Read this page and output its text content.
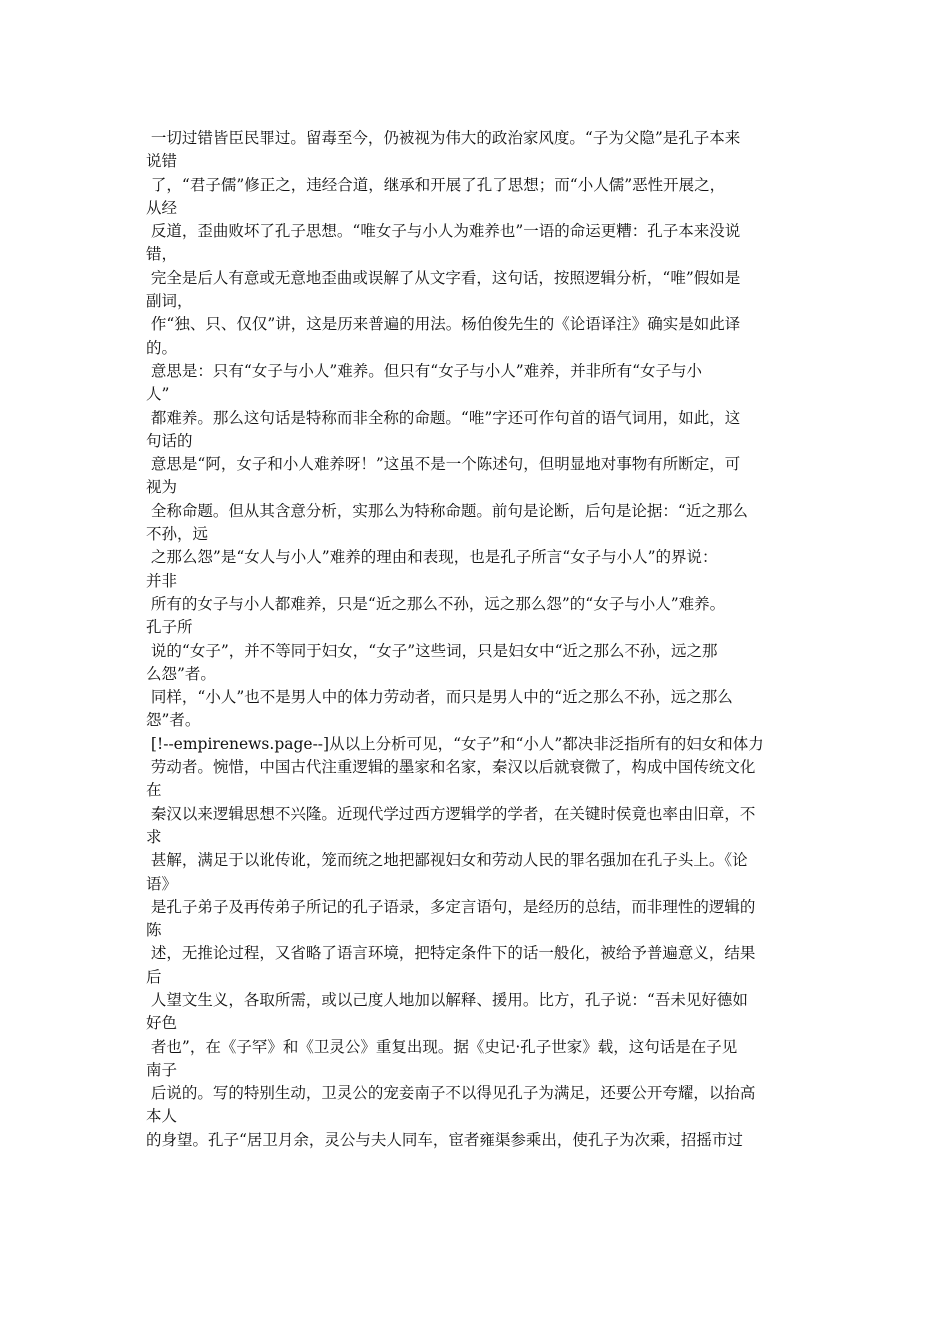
一切过错皆臣民罪过。留毒至今，仍被视为伟大的政治家风度。“子为父隐”是孔子本来
说错
了，“君子儒”修正之，违经合道，继承和开展了孔了思想；而“小人儒”恶性开展之，
从经
反道，歪曲败坏了孔子思想。“唯女子与小人为难养也”一语的命运更糟：孔子本来没说
错，
完全是后人有意或无意地歪曲或误解了从文字看，这句话，按照逻辑分析，“唯”假如是
副词，
作“独、只、仅仅”讲，这是历来普遍的用法。杨伯俊先生的《论语译注》确实是如此译
的。
意思是：只有“女子与小人”难养。但只有“女子与小人”难养，并非所有“女子与小
人”
都难养。那么这句话是特称而非全称的命题。“唯”字还可作句首的语气词用，如此，这
句话的
意思是“阿，女子和小人难养呀！”这虽不是一个陈述句，但明显地对事物有所断定，可
视为
全称命题。但从其含意分析，实那么为特称命题。前句是论断，后句是论据：“近之那么
不孙，远
之那么怨”是“女人与小人”难养的理由和表现，也是孔子所言“女子与小人”的界说：
并非
所有的女子与小人都难养，只是“近之那么不孙，远之那么怨”的“女子与小人”难养。
孔子所
说的“女子”，并不等同于妇女，“女子”这些词，只是妇女中“近之那么不孙，远之那
么怨”者。
同样，“小人”也不是男人中的体力劳动者，而只是男人中的“近之那么不孙，远之那么
怨”者。
[!--empirenews.page--]从以上分析可见，“女子”和“小人”都决非泛指所有的妇女和体力
劳动者。惋惜，中国古代注重逻辑的墨家和名家，秦汉以后就衰微了，构成中国传统文化
在
秦汉以来逻辑思想不兴隆。近现代学过西方逻辑学的学者，在关键时侯竟也率由旧章，不
求
甚解，满足于以讹传讹，笼而统之地把鄙视妇女和劳动人民的罪名强加在孔子头上。《论
语》
是孔子弟子及再传弟子所记的孔子语录，多定言语句，是经历的总结，而非理性的逻辑的
陈
述，无推论过程，又省略了语言环境，把特定条件下的话一般化，被给予普遍意义，结果
后
人望文生义，各取所需，或以己度人地加以解释、援用。比方，孔子说：“吾未见好德如
好色
者也”，在《子罕》和《卫灵公》重复出现。据《史记·孔子世家》载，这句话是在子见
南子
后说的。写的特别生动，卫灵公的宠妾南子不以得见孔子为满足，还要公开夸耀，以抬高
本人
的身望。孔子“居卫月余，灵公与夫人同车，宦者雍渠参乘出，使孔子为次乘，招摇市过
